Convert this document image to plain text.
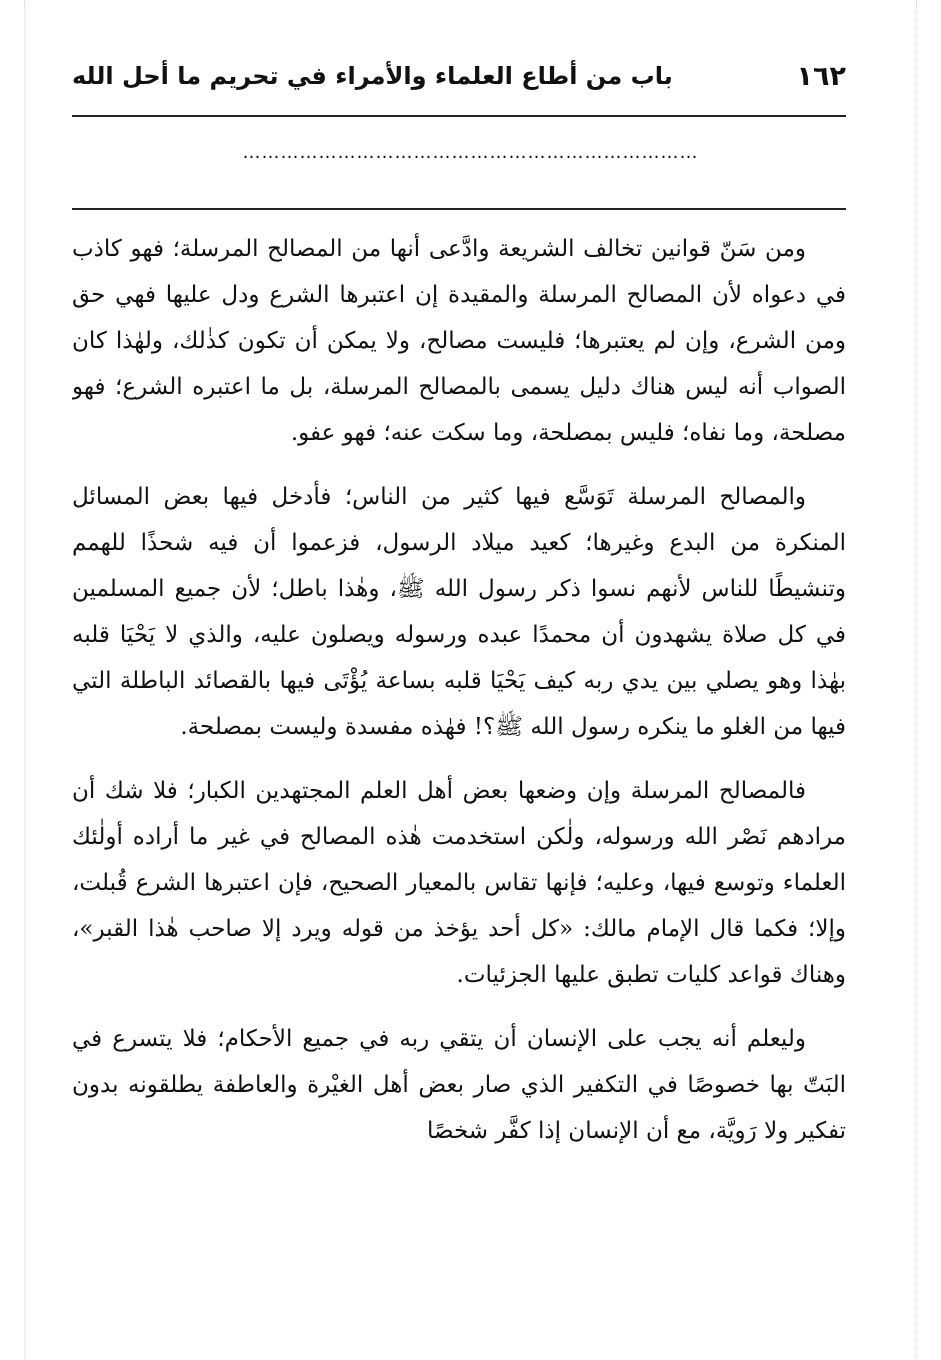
١٦٢
باب من أطاع العلماء والأمراء في تحريم ما أحل الله
………………………………………………………………

ومن سَنّ قوانين تخالف الشريعة وادَّعى أنها من المصالح المرسلة؛ فهو كاذب في دعواه لأن المصالح المرسلة والمقيدة إن اعتبرها الشرع ودل عليها فهي حق ومن الشرع، وإن لم يعتبرها؛ فليست مصالح، ولا يمكن أن تكون كذٰلك، ولهٰذا كان الصواب أنه ليس هناك دليل يسمى بالمصالح المرسلة، بل ما اعتبره الشرع؛ فهو مصلحة، وما نفاه؛ فليس بمصلحة، وما سكت عنه؛ فهو عفو.

والمصالح المرسلة تَوَسَّع فيها كثير من الناس؛ فأدخل فيها بعض المسائل المنكرة من البدع وغيرها؛ كعيد ميلاد الرسول، فزعموا أن فيه شحذًا للهمم وتنشيطًا للناس لأنهم نسوا ذكر رسول الله ﷺ، وهٰذا باطل؛ لأن جميع المسلمين في كل صلاة يشهدون أن محمدًا عبده ورسوله ويصلون عليه، والذي لا يَحْيَا قلبه بهٰذا وهو يصلي بين يدي ربه كيف يَحْيَا قلبه بساعة يُؤْتَى فيها بالقصائد الباطلة التي فيها من الغلو ما ينكره رسول الله ﷺ؟! فهٰذه مفسدة وليست بمصلحة.

فالمصالح المرسلة وإن وضعها بعض أهل العلم المجتهدين الكبار؛ فلا شك أن مرادهم نَصْر الله ورسوله، ولٰكن استخدمت هٰذه المصالح في غير ما أراده أولٰئك العلماء وتوسع فيها، وعليه؛ فإنها تقاس بالمعيار الصحيح، فإن اعتبرها الشرع قُبلت، وإلا؛ فكما قال الإمام مالك: «كل أحد يؤخذ من قوله ويرد إلا صاحب هٰذا القبر»، وهناك قواعد كليات تطبق عليها الجزئيات.

وليعلم أنه يجب على الإنسان أن يتقي ربه في جميع الأحكام؛ فلا يتسرع في البَتّ بها خصوصًا في التكفير الذي صار بعض أهل الغيْرة والعاطفة يطلقونه بدون تفكير ولا رَويَّة، مع أن الإنسان إذا كفَّر شخصًا
